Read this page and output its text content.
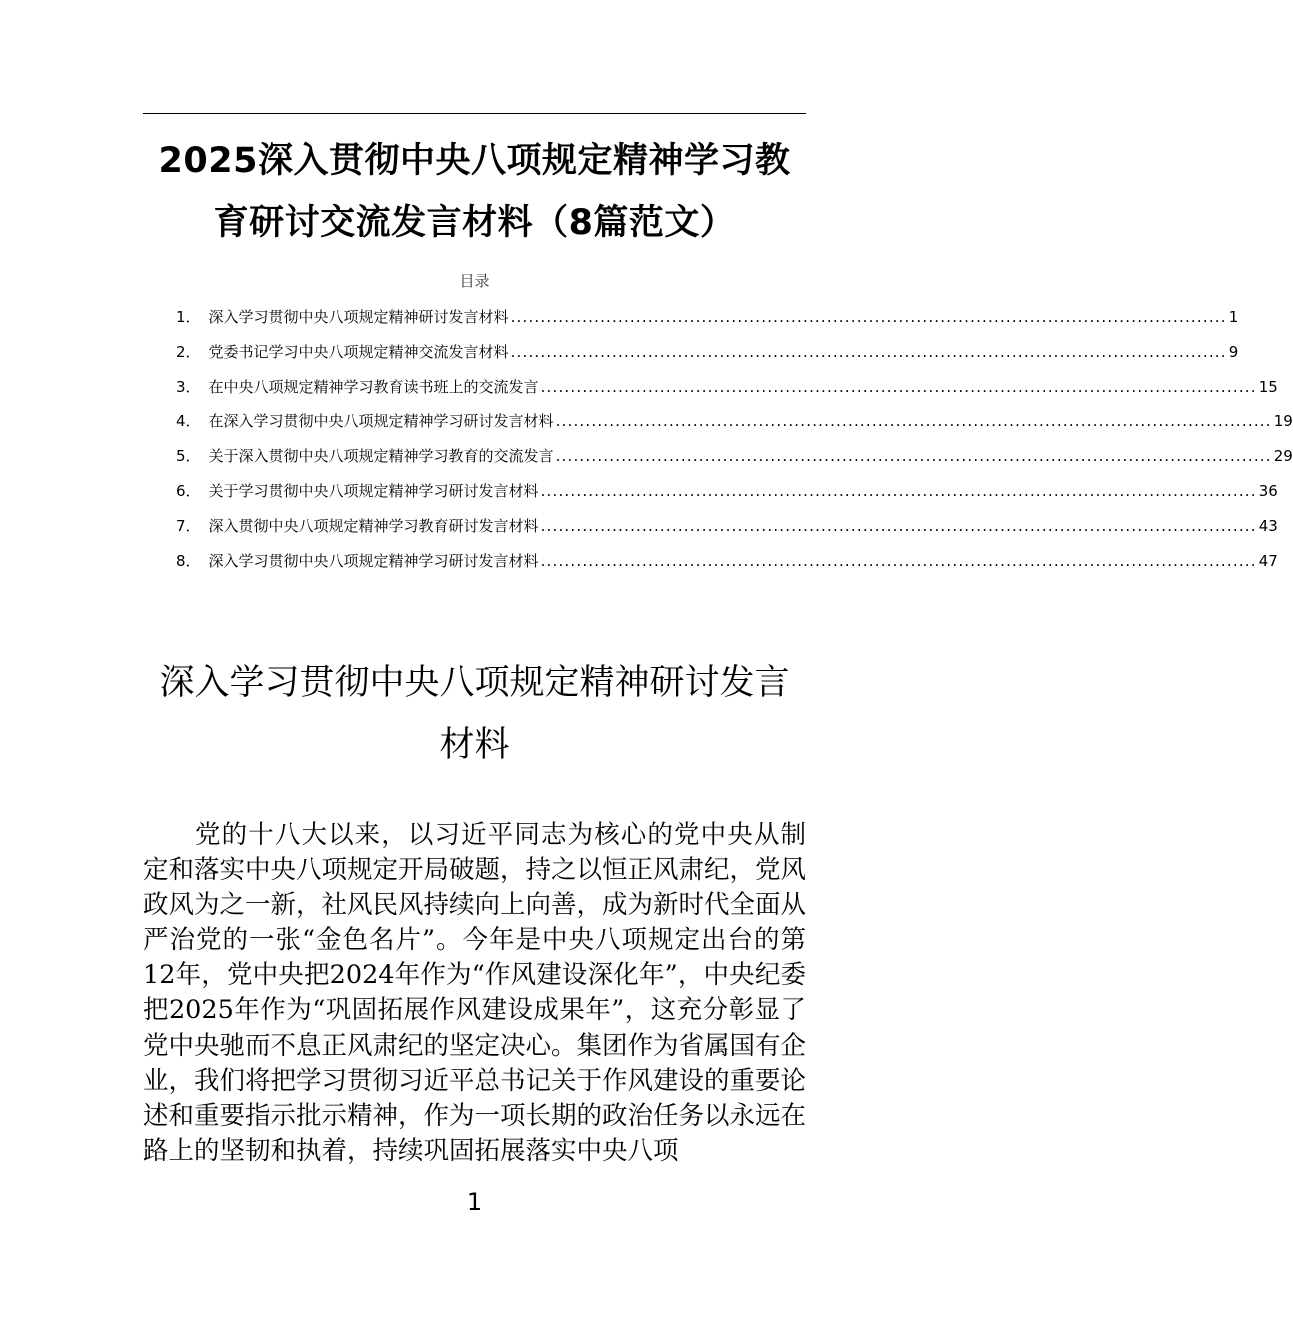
2025深入贯彻中央八项规定精神学习教
育研讨交流发言材料（8篇范文）
目录
1． 深入学习贯彻中央八项规定精神研讨发言材料 ........................................................................................................................ 1
2． 党委书记学习中央八项规定精神交流发言材料 ........................................................................................................................ 9
3． 在中央八项规定精神学习教育读书班上的交流发言 ........................................................................................................................ 15
4． 在深入学习贯彻中央八项规定精神学习研讨发言材料 ........................................................................................................................ 19
5． 关于深入贯彻中央八项规定精神学习教育的交流发言 ........................................................................................................................ 29
6． 关于学习贯彻中央八项规定精神学习研讨发言材料 ........................................................................................................................ 36
7． 深入贯彻中央八项规定精神学习教育研讨发言材料 ........................................................................................................................ 43
8． 深入学习贯彻中央八项规定精神学习研讨发言材料 ........................................................................................................................ 47
深入学习贯彻中央八项规定精神研讨发言
材料

党的十八大以来，以习近平同志为核心的党中央从制定和落实中央八项规定开局破题，持之以恒正风肃纪，党风政风为之一新，社风民风持续向上向善，成为新时代全面从严治党的一张“金色名片”。今年是中央八项规定出台的第12年，党中央把2024年作为“作风建设深化年”，中央纪委把2025年作为“巩固拓展作风建设成果年”，这充分彰显了党中央驰而不息正风肃纪的坚定决心。集团作为省属国有企业，我们将把学习贯彻习近平总书记关于作风建设的重要论述和重要指示批示精神，作为一项长期的政治任务以永远在路上的坚韧和执着，持续巩固拓展落实中央八项

1
